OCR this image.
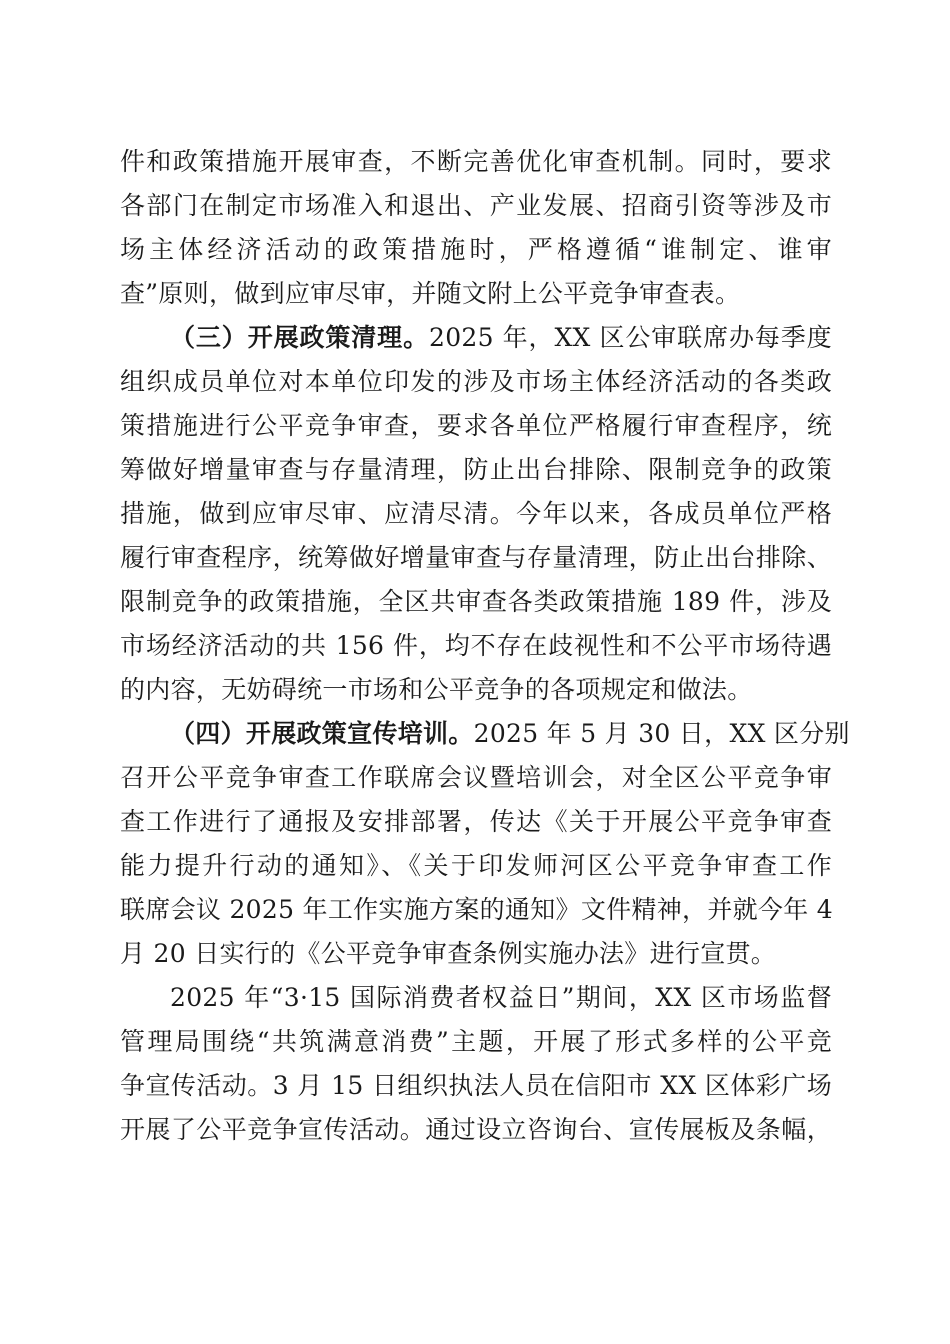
件和政策措施开展审查，不断完善优化审查机制。同时，要求
各部门在制定市场准入和退出、产业发展、招商引资等涉及市
场主体经济活动的政策措施时，严格遵循“谁制定、谁审
查”原则，做到应审尽审，并随文附上公平竞争审查表。
（三）开展政策清理。2025 年，XX 区公审联席办每季度
组织成员单位对本单位印发的涉及市场主体经济活动的各类政
策措施进行公平竞争审查，要求各单位严格履行审查程序，统
筹做好增量审查与存量清理，防止出台排除、限制竞争的政策
措施，做到应审尽审、应清尽清。今年以来，各成员单位严格
履行审查程序，统筹做好增量审查与存量清理，防止出台排除、
限制竞争的政策措施，全区共审查各类政策措施 189 件，涉及
市场经济活动的共 156 件，均不存在歧视性和不公平市场待遇
的内容，无妨碍统一市场和公平竞争的各项规定和做法。
（四）开展政策宣传培训。2025 年 5 月 30 日，XX 区分别
召开公平竞争审查工作联席会议暨培训会，对全区公平竞争审
查工作进行了通报及安排部署，传达《关于开展公平竞争审查
能力提升行动的通知》、《关于印发师河区公平竞争审查工作
联席会议 2025 年工作实施方案的通知》文件精神，并就今年 4
月 20 日实行的《公平竞争审查条例实施办法》进行宣贯。
2025 年“3·15 国际消费者权益日”期间，XX 区市场监督
管理局围绕“共筑满意消费”主题，开展了形式多样的公平竞
争宣传活动。3 月 15 日组织执法人员在信阳市 XX 区体彩广场
开展了公平竞争宣传活动。通过设立咨询台、宣传展板及条幅，
